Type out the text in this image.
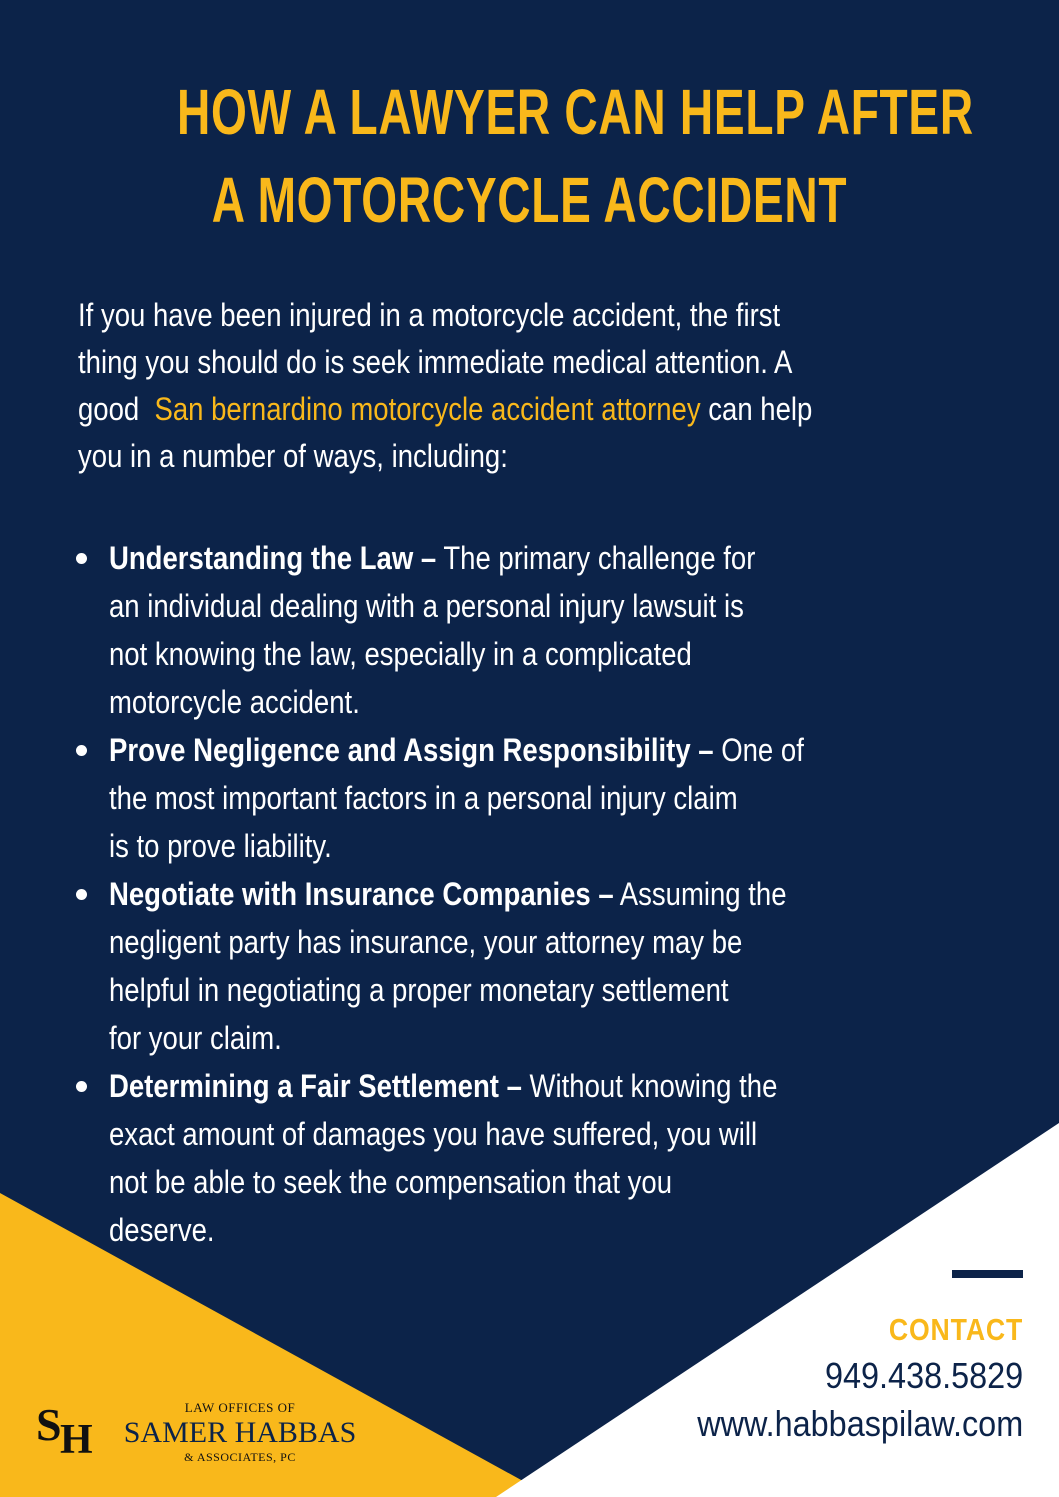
HOW A LAWYER CAN HELP AFTER
A MOTORCYCLE ACCIDENT
If you have been injured in a motorcycle accident, the first
thing you should do is seek immediate medical attention. A
good San bernardino motorcycle accident attorney can help
you in a number of ways, including:
Understanding the Law – The primary challenge for
an individual dealing with a personal injury lawsuit is
not knowing the law, especially in a complicated
motorcycle accident.
Prove Negligence and Assign Responsibility – One of
the most important factors in a personal injury claim
is to prove liability.
Negotiate with Insurance Companies – Assuming the
negligent party has insurance, your attorney may be
helpful in negotiating a proper monetary settlement
for your claim.
Determining a Fair Settlement – Without knowing the
exact amount of damages you have suffered, you will
not be able to seek the compensation that you
deserve.
CONTACT
949.438.5829
www.habbaspilaw.com
S
H
LAW OFFICES OF
SAMER HABBAS
& ASSOCIATES, PC
